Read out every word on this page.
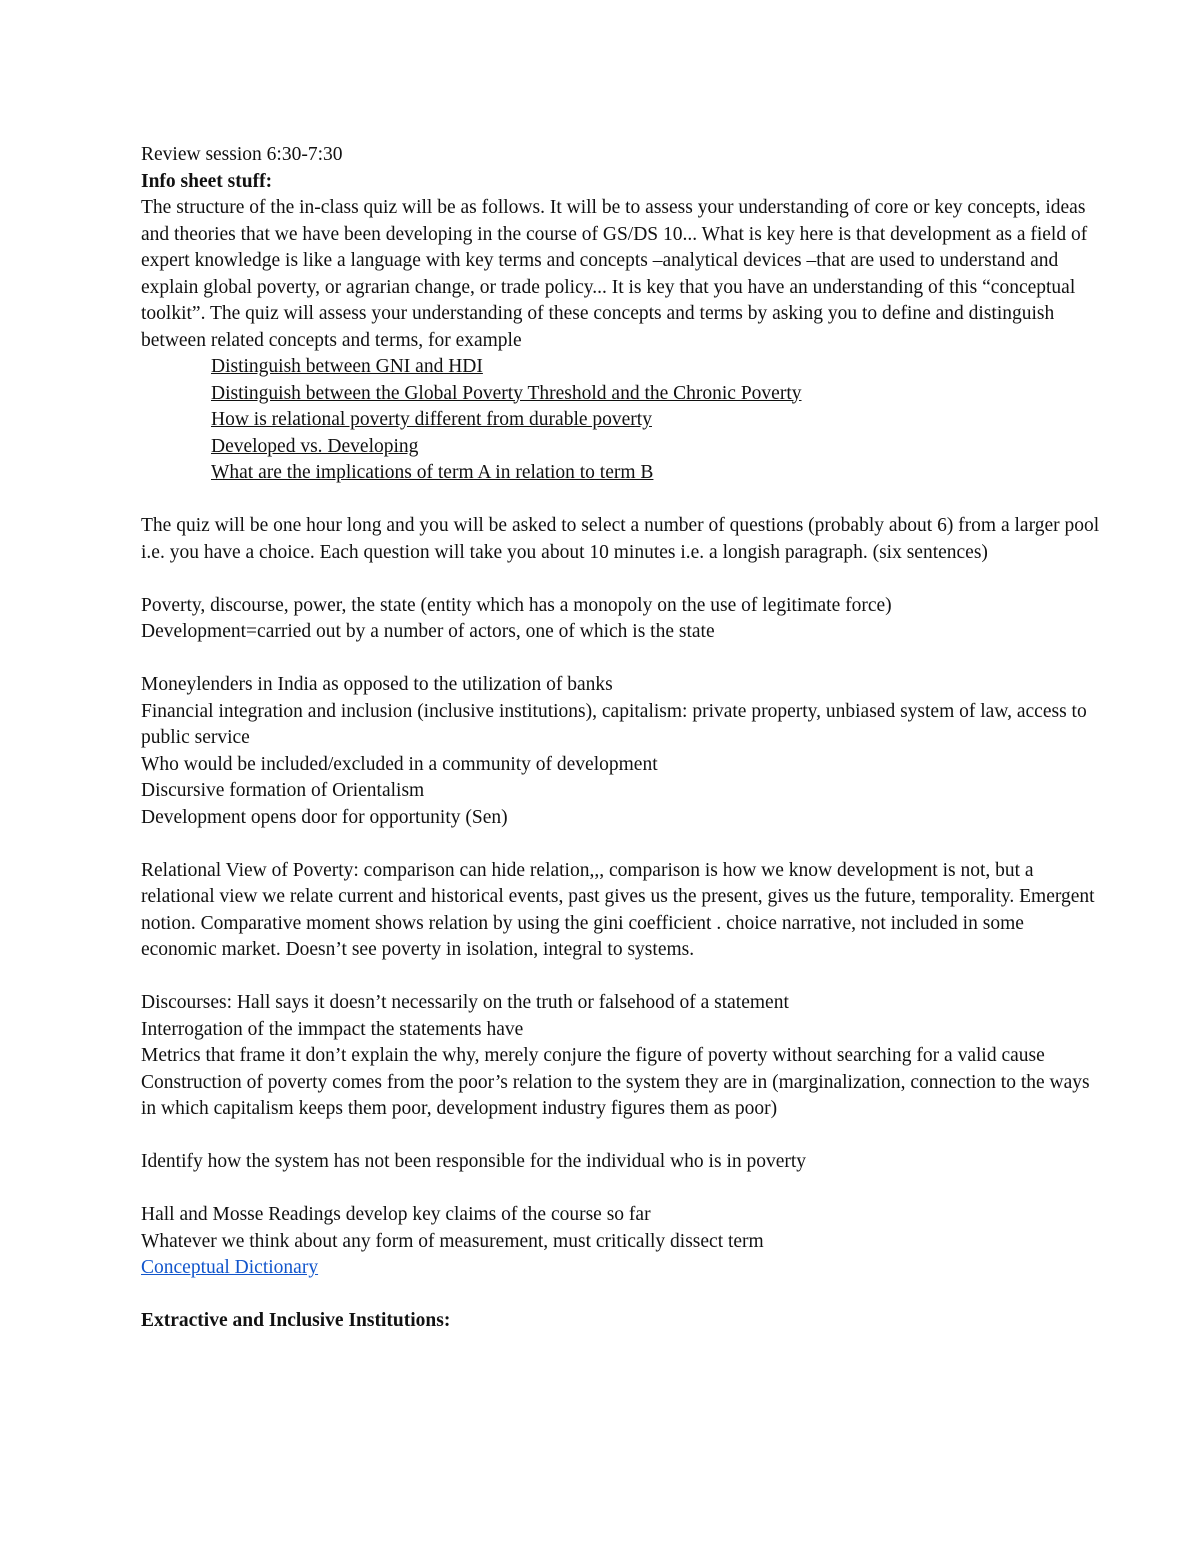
Review session 6:30-7:30

Info sheet stuff:

The structure of the in-class quiz will be as follows. It will be to assess your understanding of core or key concepts, ideas and theories that we have been developing in the course of GS/DS 10... What is key here is that development as a field of expert knowledge is like a language with key terms and concepts –analytical devices –that are used to understand and explain global poverty, or agrarian change, or trade policy... It is key that you have an understanding of this “conceptual toolkit”. The quiz will assess your understanding of these concepts and terms by asking you to define and distinguish between related concepts and terms, for example

Distinguish between GNI and HDI

Distinguish between the Global Poverty Threshold and the Chronic Poverty

How is relational poverty different from durable poverty

Developed vs. Developing

What are the implications of term A in relation to term B

The quiz will be one hour long and you will be asked to select a number of questions (probably about 6) from a larger pool i.e. you have a choice. Each question will take you about 10 minutes i.e. a longish paragraph. (six sentences)

Poverty, discourse, power, the state (entity which has a monopoly on the use of legitimate force)

Development=carried out by a number of actors, one of which is the state

Moneylenders in India as opposed to the utilization of banks

Financial integration and inclusion (inclusive institutions), capitalism: private property, unbiased system of law, access to public service

Who would be included/excluded in a community of development

Discursive formation of Orientalism

Development opens door for opportunity (Sen)

Relational View of Poverty: comparison can hide relation,,, comparison is how we know development is not, but a relational view we relate current and historical events, past gives us the present, gives us the future, temporality. Emergent notion. Comparative moment shows relation by using the gini coefficient . choice narrative, not included in some economic market. Doesn’t see poverty in isolation, integral to systems.

Discourses: Hall says it doesn’t necessarily on the truth or falsehood of a statement

Interrogation of the immpact the statements have

Metrics that frame it don’t explain the why, merely conjure the figure of poverty without searching for a valid cause

Construction of poverty comes from the poor’s relation to the system they are in (marginalization, connection to the ways in which capitalism keeps them poor, development industry figures them as poor)

Identify how the system has not been responsible for the individual who is in poverty

Hall and Mosse Readings develop key claims of the course so far

Whatever we think about any form of measurement, must critically dissect term

Conceptual Dictionary

Extractive and Inclusive Institutions:
